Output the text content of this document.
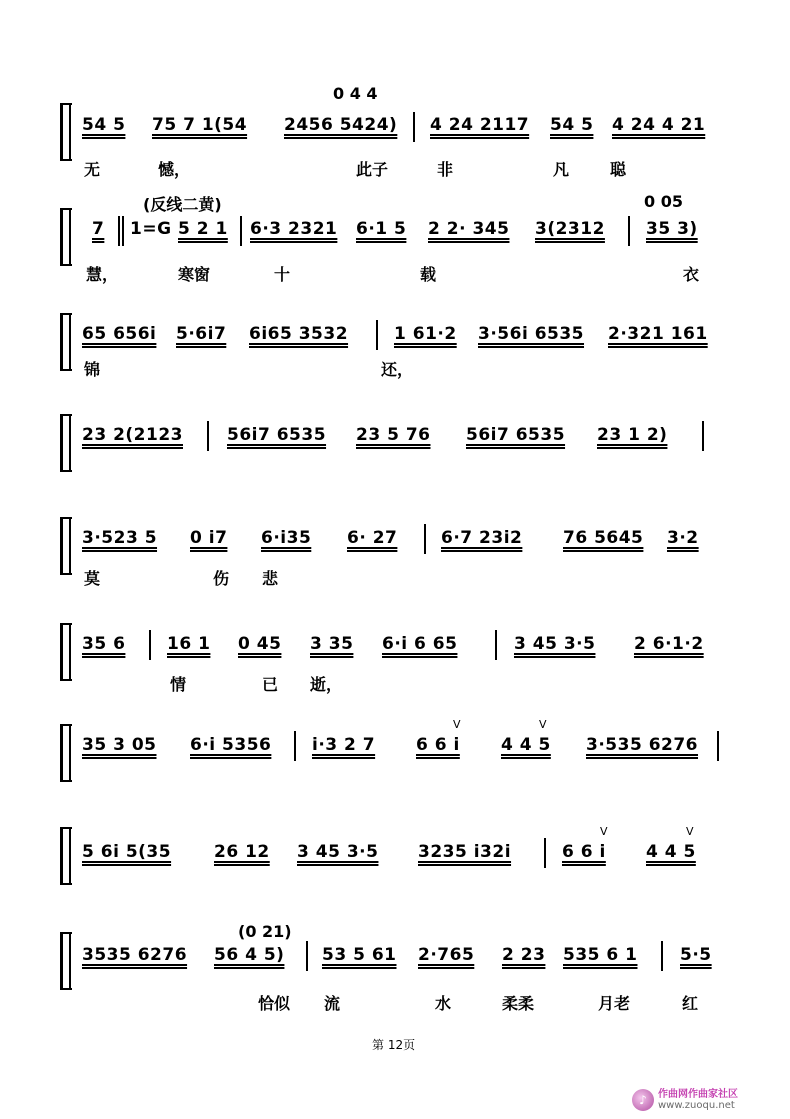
0 4 4
54 5 75 7 1(54 2456 5424) 4 24 2117 54 5 4 24 4 21
无	憾，	此子	非	凡	聪
(反线二黄)	0 05
7 1=G 5 2 1 6·3 2321 6·1 5 2 2· 345 3(2312 35 3)
慧，	寒窗	十	载	衣
65 656i 5·6i7 6i65 3532	1 61·2 3·56i 6535 2·321 161
锦	还，
23 2(2123	56i7 6535 23 5 76 56i7 6535 23 1 2)
3·523 5 0 i7 6·i35 6· 27	6·7 23i2 76 5645 3·2
莫	伤 悲
35 6 16 1 0 45 3 35 6·i 6 65	3 45 3·5 2 6·1·2
情	已 逝，
35 3 05 6·i 5356 i·3 2 7
V
6 6 i
V
4 4 5 3·535 6276
5 6i 5(35	26 12 3 45 3·5 3235 i32i
V
6 6 i
V
4 4 5
(0 21)
3535 6276 56 4 5) 53 5 61 2·765 2 23 535 6 1	5·5
恰似 流	水	柔柔	月老	红
第 12页
♪	作曲网作曲家社区
www.zuoqu.net
